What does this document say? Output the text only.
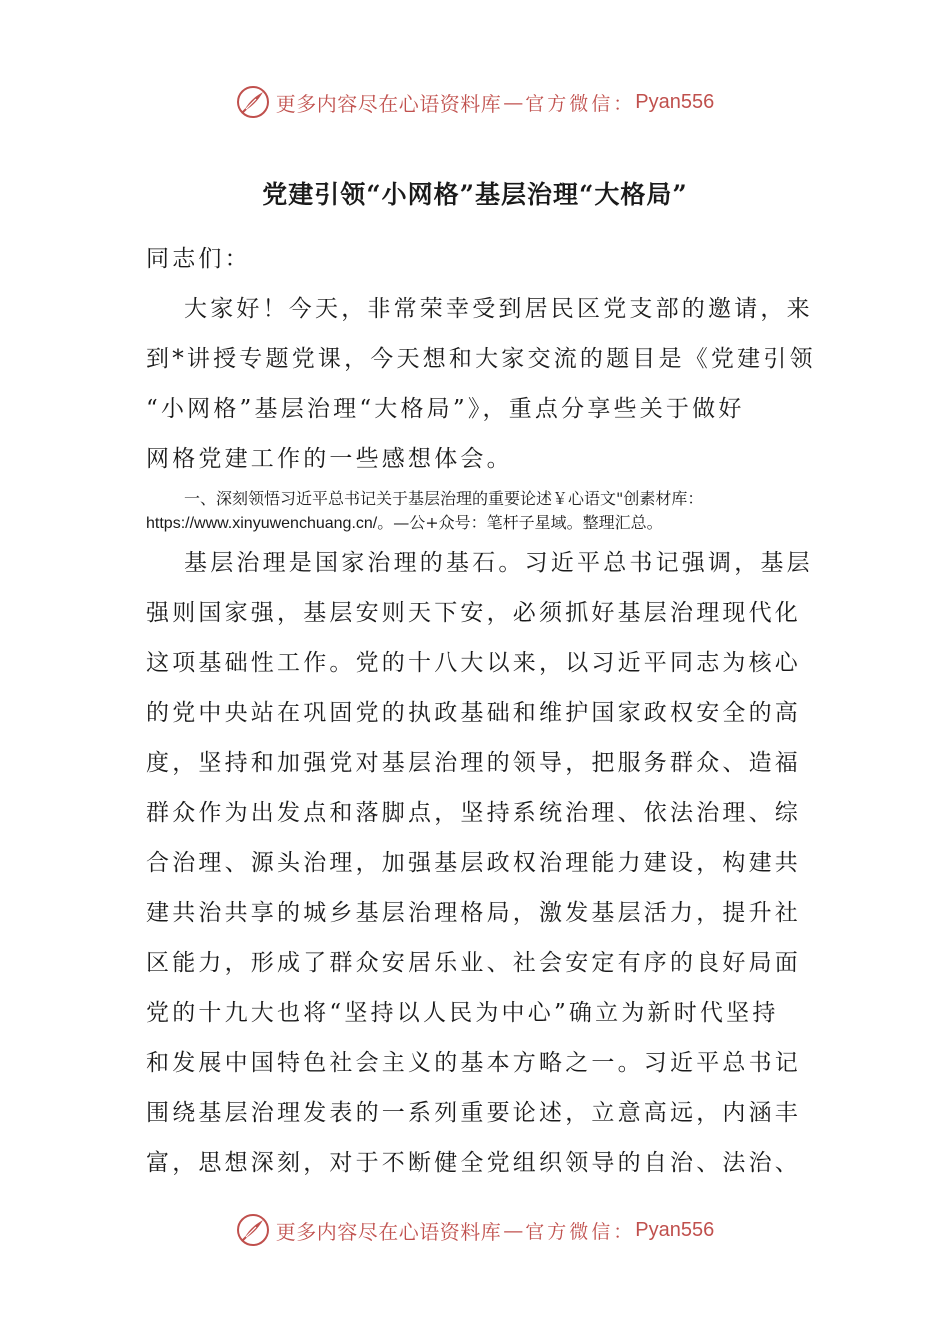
更多内容尽在心语资料库 — 官方微信： Pyan556
党建引领“小网格”基层治理“大格局”
同志们：
大家好！今天，非常荣幸受到居民区党支部的邀请，来
到*讲授专题党课，今天想和大家交流的题目是《党建引领
“小网格”基层治理“大格局”》，重点分享些关于做好
网格党建工作的一些感想体会。
一、深刻领悟习近平总书记关于基层治理的重要论述￥心语文"创素材库：
https://www.xinyuwenchuang.cn/。—公+众号：笔杆子星域。整理汇总。
基层治理是国家治理的基石。习近平总书记强调，基层
强则国家强，基层安则天下安，必须抓好基层治理现代化
这项基础性工作。党的十八大以来，以习近平同志为核心
的党中央站在巩固党的执政基础和维护国家政权安全的高
度，坚持和加强党对基层治理的领导，把服务群众、造福
群众作为出发点和落脚点，坚持系统治理、依法治理、综
合治理、源头治理，加强基层政权治理能力建设，构建共
建共治共享的城乡基层治理格局，激发基层活力，提升社
区能力，形成了群众安居乐业、社会安定有序的良好局面
党的十九大也将“坚持以人民为中心”确立为新时代坚持
和发展中国特色社会主义的基本方略之一。习近平总书记
围绕基层治理发表的一系列重要论述，立意高远，内涵丰
富，思想深刻，对于不断健全党组织领导的自治、法治、
更多内容尽在心语资料库 — 官方微信： Pyan556
